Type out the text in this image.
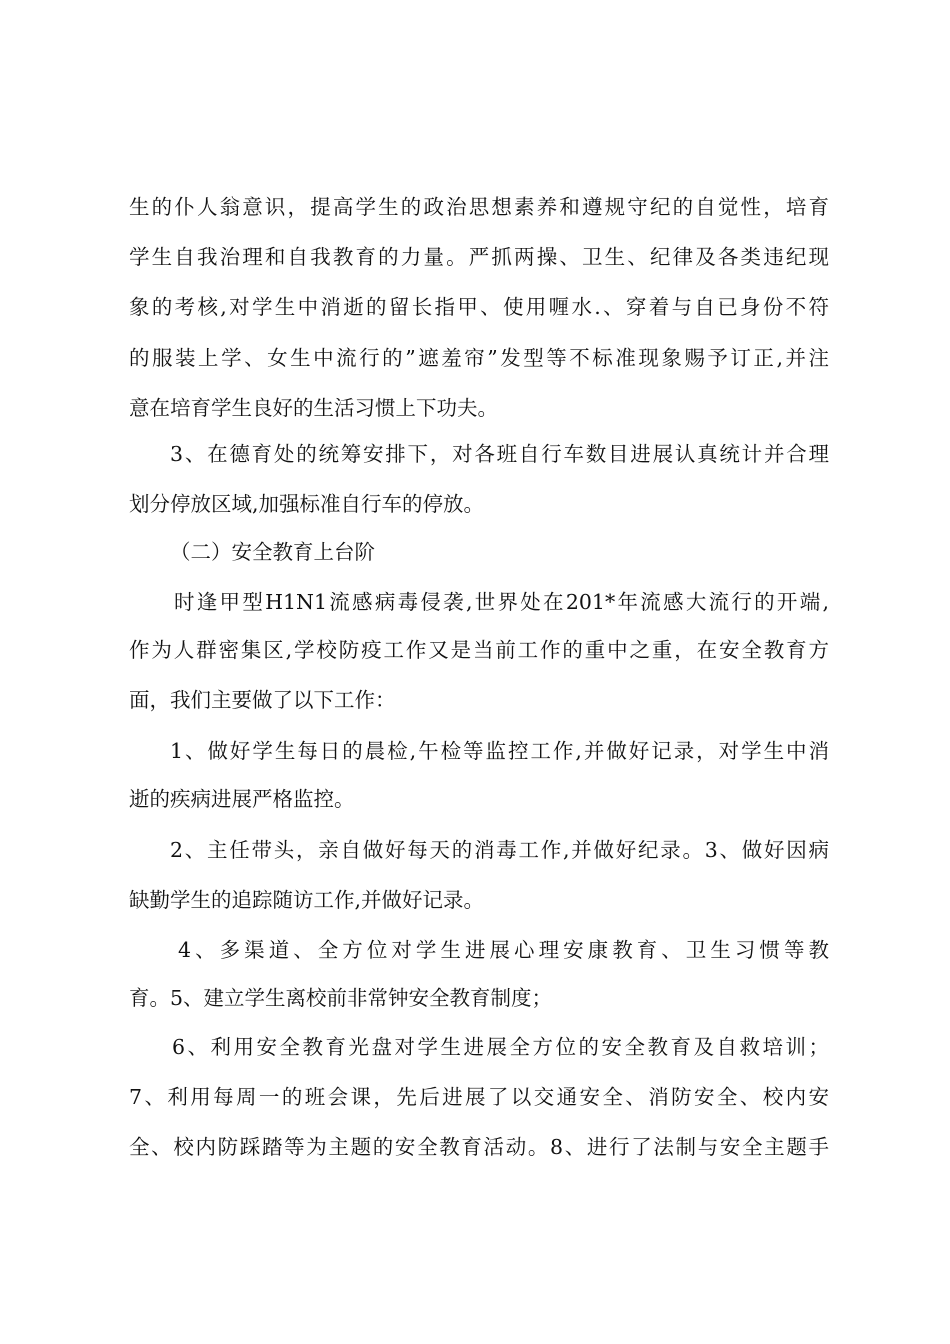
生的仆人翁意识，提高学生的政治思想素养和遵规守纪的自觉性，培育
学生自我治理和自我教育的力量。严抓两操、卫生、纪律及各类违纪现
象的考核,对学生中消逝的留长指甲、使用喱水.、穿着与自已身份不符
的服装上学、女生中流行的”遮羞帘”发型等不标准现象赐予订正,并注
意在培育学生良好的生活习惯上下功夫。
3、在德育处的统筹安排下，对各班自行车数目进展认真统计并合理
划分停放区域,加强标准自行车的停放。
（二）安全教育上台阶
时逢甲型H1N1流感病毒侵袭,世界处在201*年流感大流行的开端,
作为人群密集区,学校防疫工作又是当前工作的重中之重，在安全教育方
面，我们主要做了以下工作：
1、做好学生每日的晨检,午检等监控工作,并做好记录，对学生中消
逝的疾病进展严格监控。
2、主任带头，亲自做好每天的消毒工作,并做好纪录。3、做好因病
缺勤学生的追踪随访工作,并做好记录。
4、多渠道、全方位对学生进展心理安康教育、卫生习惯等教
育。5、建立学生离校前非常钟安全教育制度；
6、利用安全教育光盘对学生进展全方位的安全教育及自救培训；
7、利用每周一的班会课，先后进展了以交通安全、消防安全、校内安
全、校内防踩踏等为主题的安全教育活动。8、进行了法制与安全主题手
